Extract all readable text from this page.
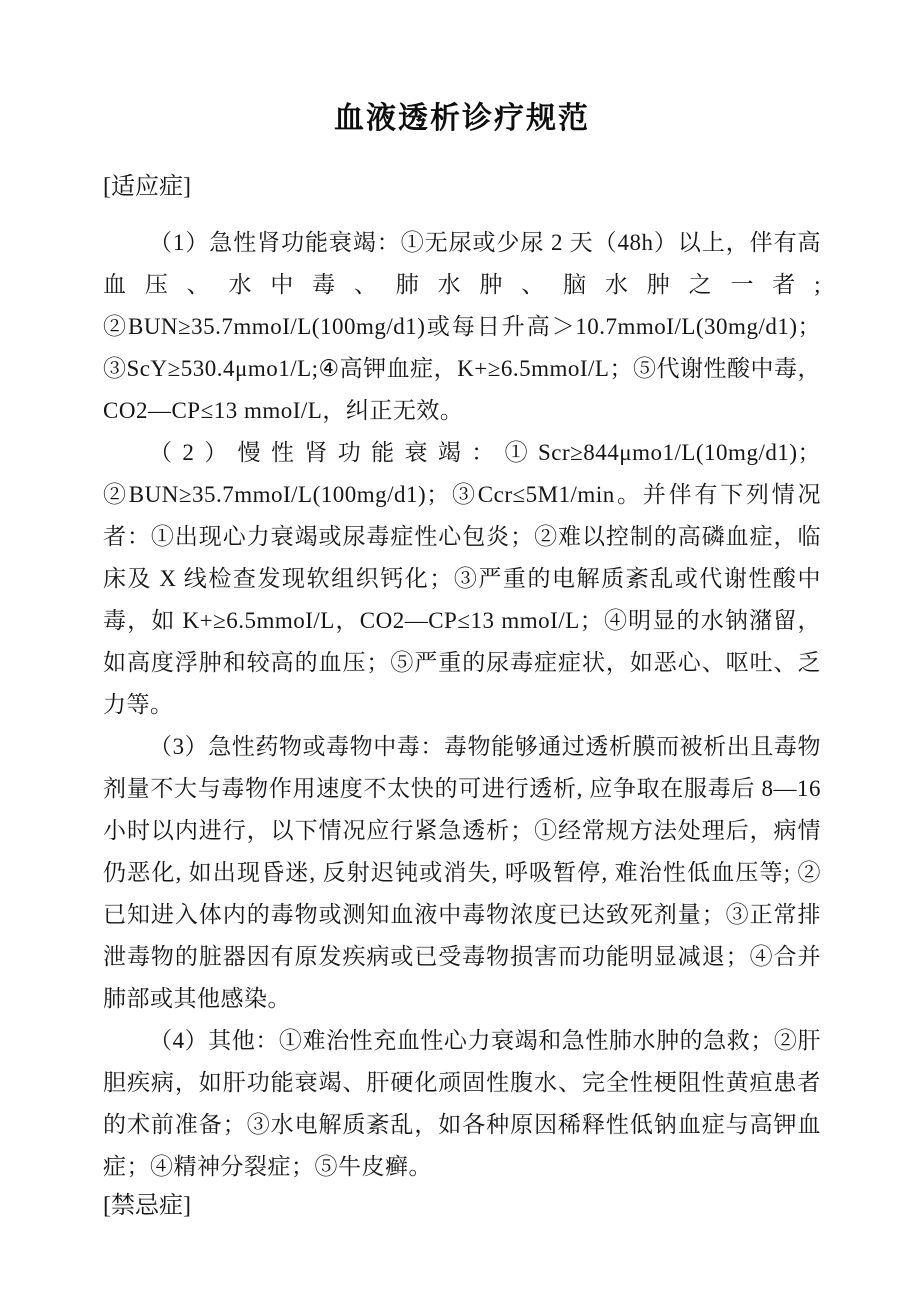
血液透析诊疗规范
[适应症]

（1）急性肾功能衰竭：①无尿或少尿 2 天（48h）以上，伴有高血压、水中毒、肺水肿、脑水肿之一者; ②BUN≥35.7mmoI/L(100mg/d1)或每日升高＞10.7mmoI/L(30mg/d1)；③ScY≥530.4μmo1/L;④高钾血症，K+≥6.5mmoI/L；⑤代谢性酸中毒，CO2—CP≤13 mmoI/L，纠正无效。

（2）慢性肾功能衰竭：①Scr≥844μmo1/L(10mg/d1)；②BUN≥35.7mmoI/L(100mg/d1)；③Ccr≤5M1/min。并伴有下列情况者：①出现心力衰竭或尿毒症性心包炎；②难以控制的高磷血症，临床及 X 线检查发现软组织钙化；③严重的电解质紊乱或代谢性酸中毒，如 K+≥6.5mmoI/L，CO2—CP≤13 mmoI/L；④明显的水钠潴留，如高度浮肿和较高的血压；⑤严重的尿毒症症状，如恶心、呕吐、乏力等。

（3）急性药物或毒物中毒：毒物能够通过透析膜而被析出且毒物剂量不大与毒物作用速度不太快的可进行透析, 应争取在服毒后 8—16 小时以内进行，以下情况应行紧急透析；①经常规方法处理后，病情仍恶化, 如出现昏迷, 反射迟钝或消失, 呼吸暂停, 难治性低血压等; ②已知进入体内的毒物或测知血液中毒物浓度已达致死剂量；③正常排泄毒物的脏器因有原发疾病或已受毒物损害而功能明显减退；④合并肺部或其他感染。

（4）其他：①难治性充血性心力衰竭和急性肺水肿的急救；②肝胆疾病，如肝功能衰竭、肝硬化顽固性腹水、完全性梗阻性黄疸患者的术前准备；③水电解质紊乱，如各种原因稀释性低钠血症与高钾血症；④精神分裂症；⑤牛皮癣。

[禁忌症]
